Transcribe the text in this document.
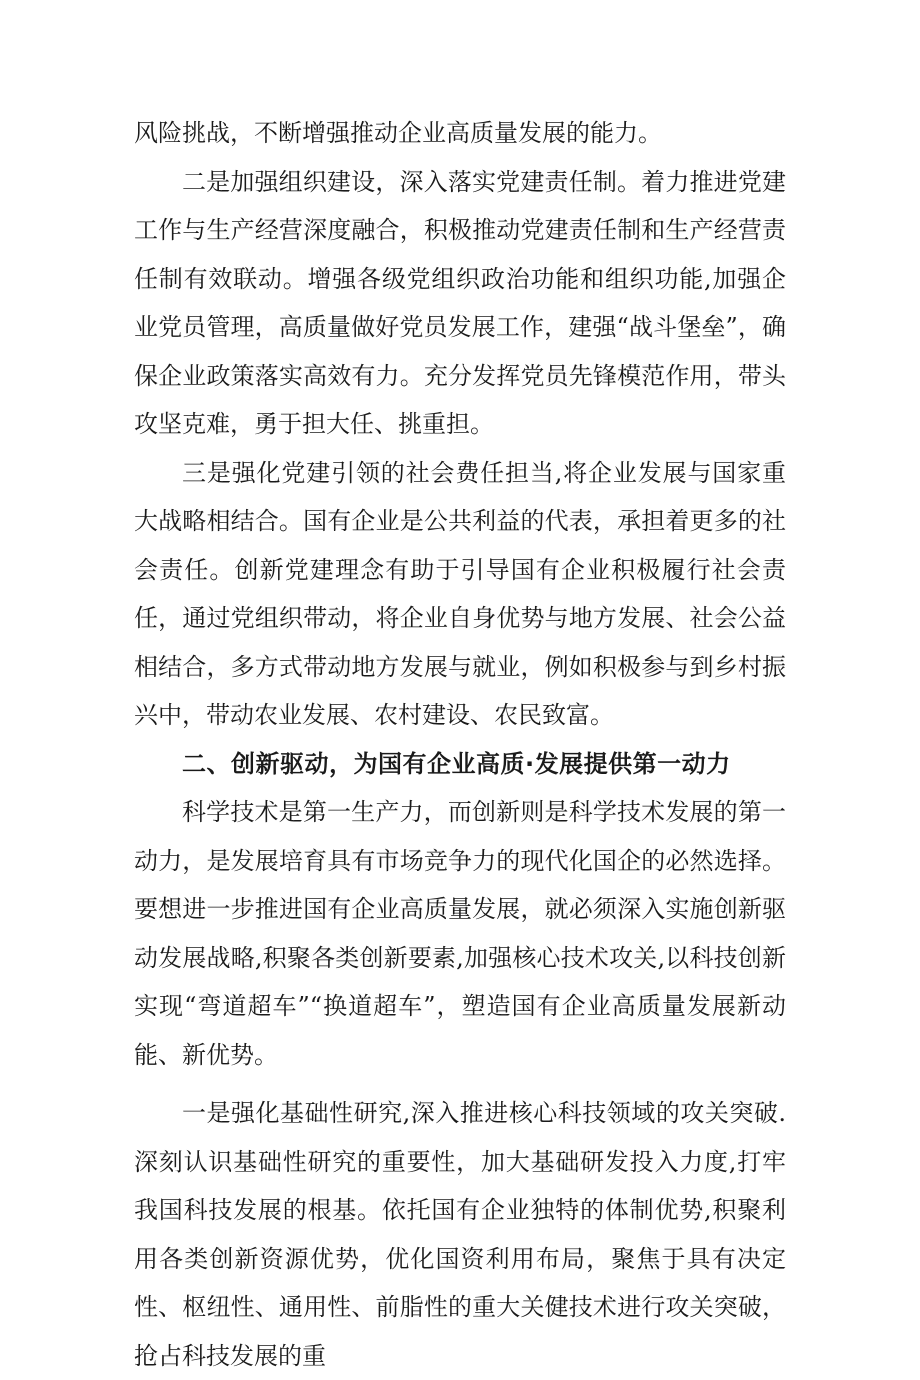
风险挑战，不断增强推动企业高质量发展的能力。

二是加强组织建设，深入落实党建责任制。着力推进党建工作与生产经营深度融合，积极推动党建责任制和生产经营责任制有效联动。增强各级党组织政治功能和组织功能,加强企业党员管理，高质量做好党员发展工作，建强“战斗堡垒”，确保企业政策落实高效有力。充分发挥党员先锋模范作用，带头攻坚克难，勇于担大任、挑重担。

三是强化党建引领的社会费任担当,将企业发展与国家重大战略相结合。国有企业是公共利益的代表，承担着更多的社会责任。创新党建理念有助于引导国有企业积极履行社会责任，通过党组织带动，将企业自身优势与地方发展、社会公益相结合，多方式带动地方发展与就业，例如积极参与到乡村振兴中，带动农业发展、农村建设、农民致富。

二、创新驱动，为国有企业高质·发展提供第一动力

科学技术是第一生产力，而创新则是科学技术发展的第一动力，是发展培育具有市场竞争力的现代化国企的必然选择。要想进一步推进国有企业高质量发展，就必须深入实施创新驱动发展战略,积聚各类创新要素,加强核心技术攻关,以科技创新实现“弯道超车”“换道超车”，塑造国有企业高质量发展新动能、新优势。

一是强化基础性研究,深入推进核心科技领域的攻关突破.深刻认识基础性研究的重要性，加大基础研发投入力度,打牢我国科技发展的根基。依托国有企业独特的体制优势,积聚利用各类创新资源优势，优化国资利用布局，聚焦于具有决定性、枢纽性、通用性、前脂性的重大关健技术进行攻关突破，抢占科技发展的重
